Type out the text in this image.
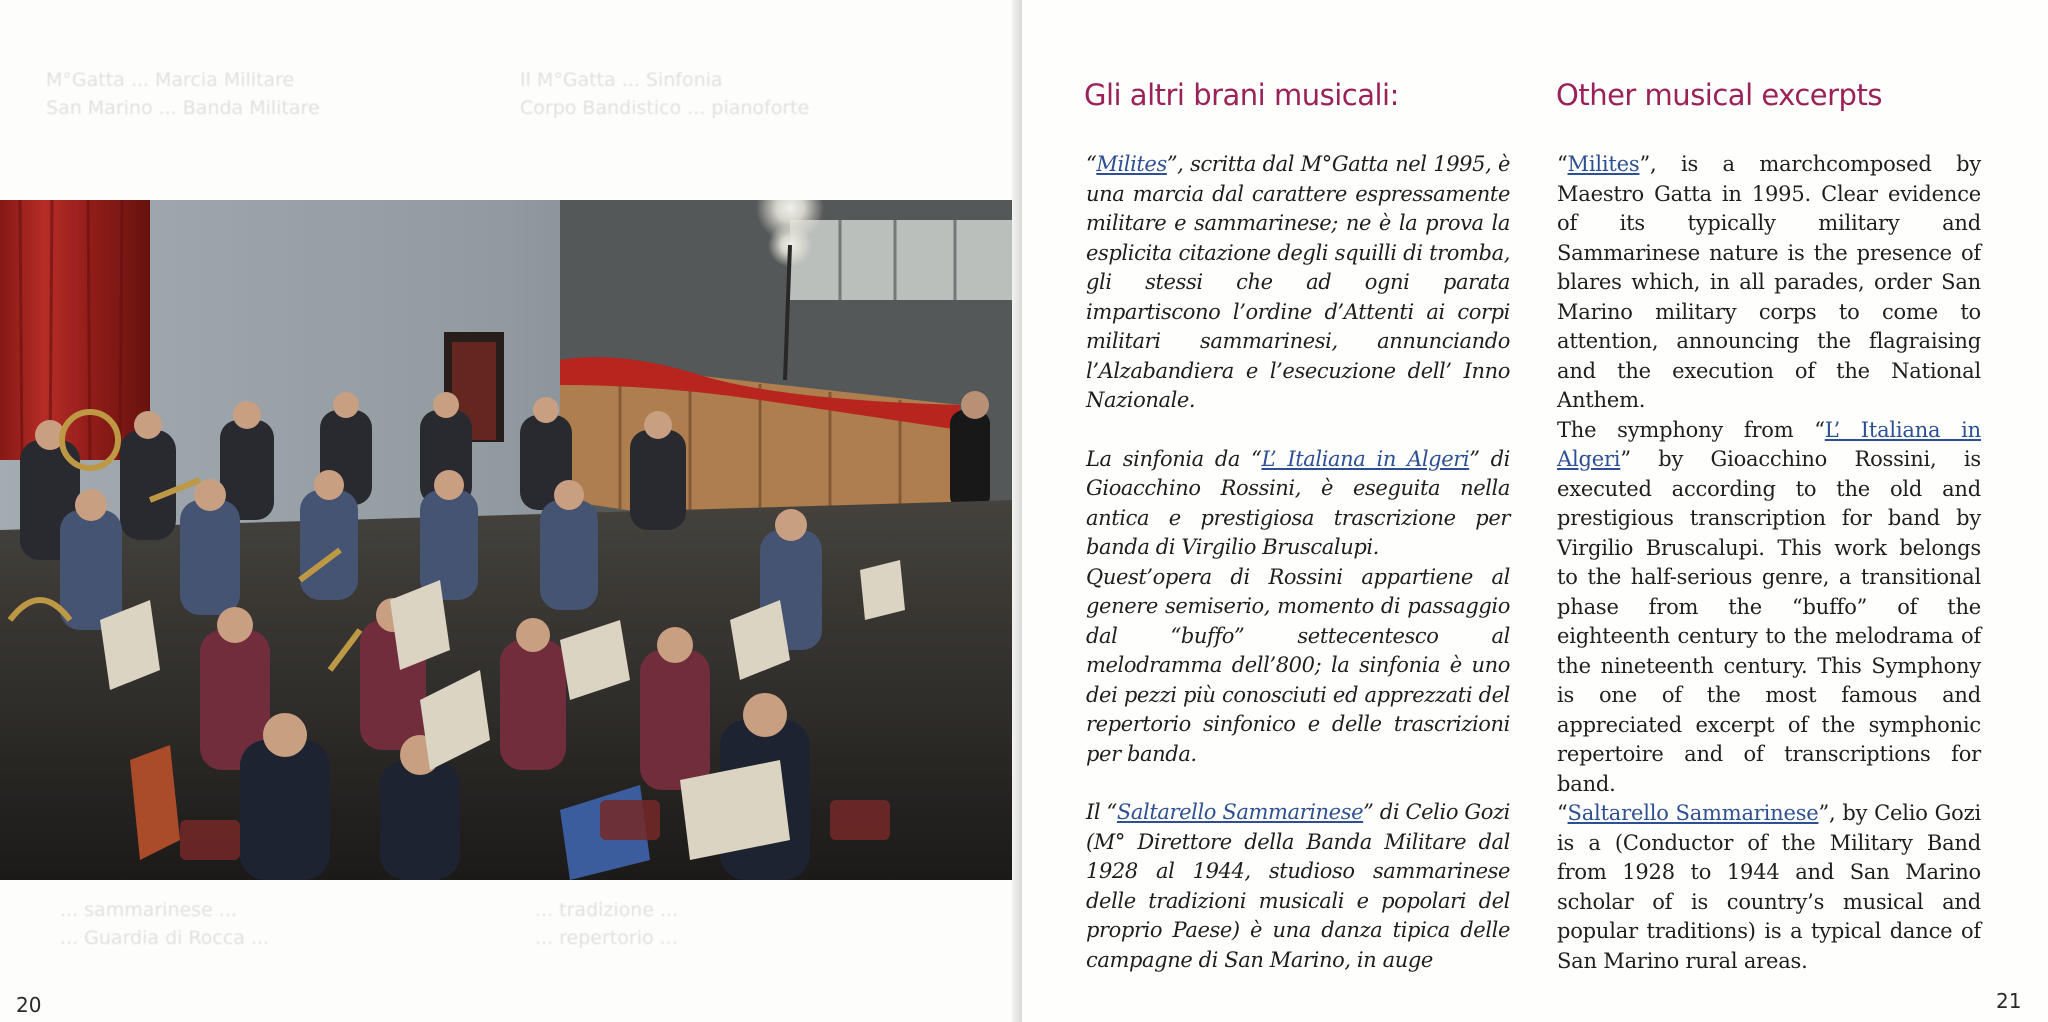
M°Gatta ... Marcia Militare
San Marino ... Banda Militare
Il M°Gatta ... Sinfonia
Corpo Bandistico ... pianoforte
... sammarinese ...
... Guardia di Rocca ...
... tradizione ...
... repertorio ...
20
Gli altri brani musicali:	Other musical excerpts

“Milites”, scritta dal M°Gatta nel 1995, è una marcia dal carattere espressamente militare e sammarinese; ne è la prova la esplicita citazione degli squilli di tromba, gli stessi che ad ogni parata impartiscono l’ordine d’Attenti ai corpi militari sammarinesi, annunciando l’Alzabandiera e l’esecuzione dell’ Inno Nazionale.

La sinfonia da “L’ Italiana in Algeri” di Gioacchino Rossini, è eseguita nella antica e prestigiosa trascrizione per banda di Virgilio Bruscalupi.

Quest’opera di Rossini appartiene al genere semiserio, momento di passaggio dal “buffo” settecentesco al melodramma dell’800; la sinfonia è uno dei pezzi più conosciuti ed apprezzati del repertorio sinfonico e delle trascrizioni per banda.

Il “Saltarello Sammarinese” di Celio Gozi (M° Direttore della Banda Militare dal 1928 al 1944, studioso sammarinese delle tradizioni musicali e popolari del proprio Paese) è una danza tipica delle campagne di San Marino, in auge

“Milites”, is a marchcomposed by Maestro Gatta in 1995. Clear evidence of its typically military and Sammarinese nature is the presence of blares which, in all parades, order San Marino military corps to come to attention, announcing the flagraising and the execution of the National Anthem.

The symphony from “L’ Italiana in Algeri” by Gioacchino Rossini, is executed according to the old and prestigious transcription for band by Virgilio Bruscalupi. This work belongs to the half-serious genre, a transitional phase from the “buffo” of the eighteenth century to the melodrama of the nineteenth century. This Symphony is one of the most famous and appreciated excerpt of the symphonic repertoire and of transcriptions for band.

“Saltarello Sammarinese”, by Celio Gozi is a (Conductor of the Military Band from 1928 to 1944 and San Marino scholar of is country’s musical and popular traditions) is a typical dance of San Marino rural areas.

21
